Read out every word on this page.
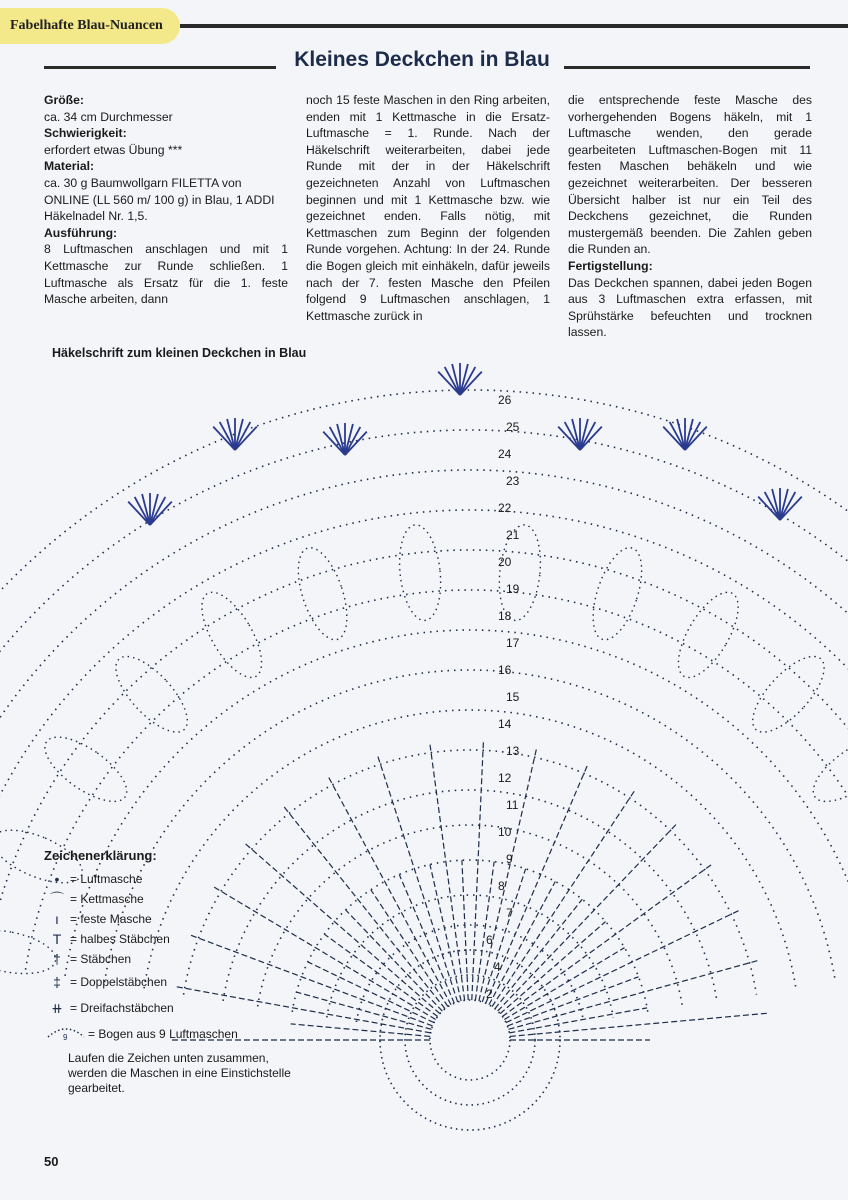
Fabelhafte Blau-Nuancen
Kleines Deckchen in Blau
Größe:
ca. 34 cm Durchmesser
Schwierigkeit:
erfordert etwas Übung ***
Material:
ca. 30 g Baumwollgarn FILETTA von ONLINE (LL 560 m/ 100 g) in Blau, 1 ADDI Häkelnadel Nr. 1,5.
Ausführung:
8 Luftmaschen anschlagen und mit 1 Kettmasche zur Runde schließen. 1 Luftmasche als Ersatz für die 1. feste Masche arbeiten, dann
noch 15 feste Maschen in den Ring arbeiten, enden mit 1 Kettmasche in die Ersatz-Luftmasche = 1. Runde. Nach der Häkelschrift weiterarbeiten, dabei jede Runde mit der in der Häkelschrift gezeichneten Anzahl von Luftmaschen beginnen und mit 1 Kettmasche bzw. wie gezeichnet enden. Falls nötig, mit Kettmaschen zum Beginn der folgenden Runde vorgehen. Achtung: In der 24. Runde die Bogen gleich mit einhäkeln, dafür jeweils nach der 7. festen Masche den Pfeilen folgend 9 Luftmaschen anschlagen, 1 Kettmasche zurück in
die entsprechende feste Masche des vorhergehenden Bogens häkeln, mit 1 Luftmasche wenden, den gerade gearbeiteten Luftmaschen-Bogen mit 11 festen Maschen behäkeln und wie gezeichnet weiterarbeiten. Der besseren Übersicht halber ist nur ein Teil des Deckchens gezeichnet, die Runden mustergemäß beenden. Die Zahlen geben die Runden an.
Fertigstellung:
Das Deckchen spannen, dabei jeden Bogen aus 3 Luftmaschen extra erfassen, mit Sprühstärke befeuchten und trocknen lassen.
Häkelschrift zum kleinen Deckchen in Blau
2
4
6
7
8
9
10
11
12
13
14
15
16
17
18
19
20
21
22
23
24
25
26
Zeichenerklärung:
• = Luftmasche
⌒ = Kettmasche
ı = feste Masche
T = halbes Stäbchen
† = Stäbchen
‡ = Doppelstäbchen
⧺ = Dreifachstäbchen
9 = Bogen aus 9 Luftmaschen
Laufen die Zeichen unten zusammen, werden die Maschen in eine Einstichstelle gearbeitet.
50
